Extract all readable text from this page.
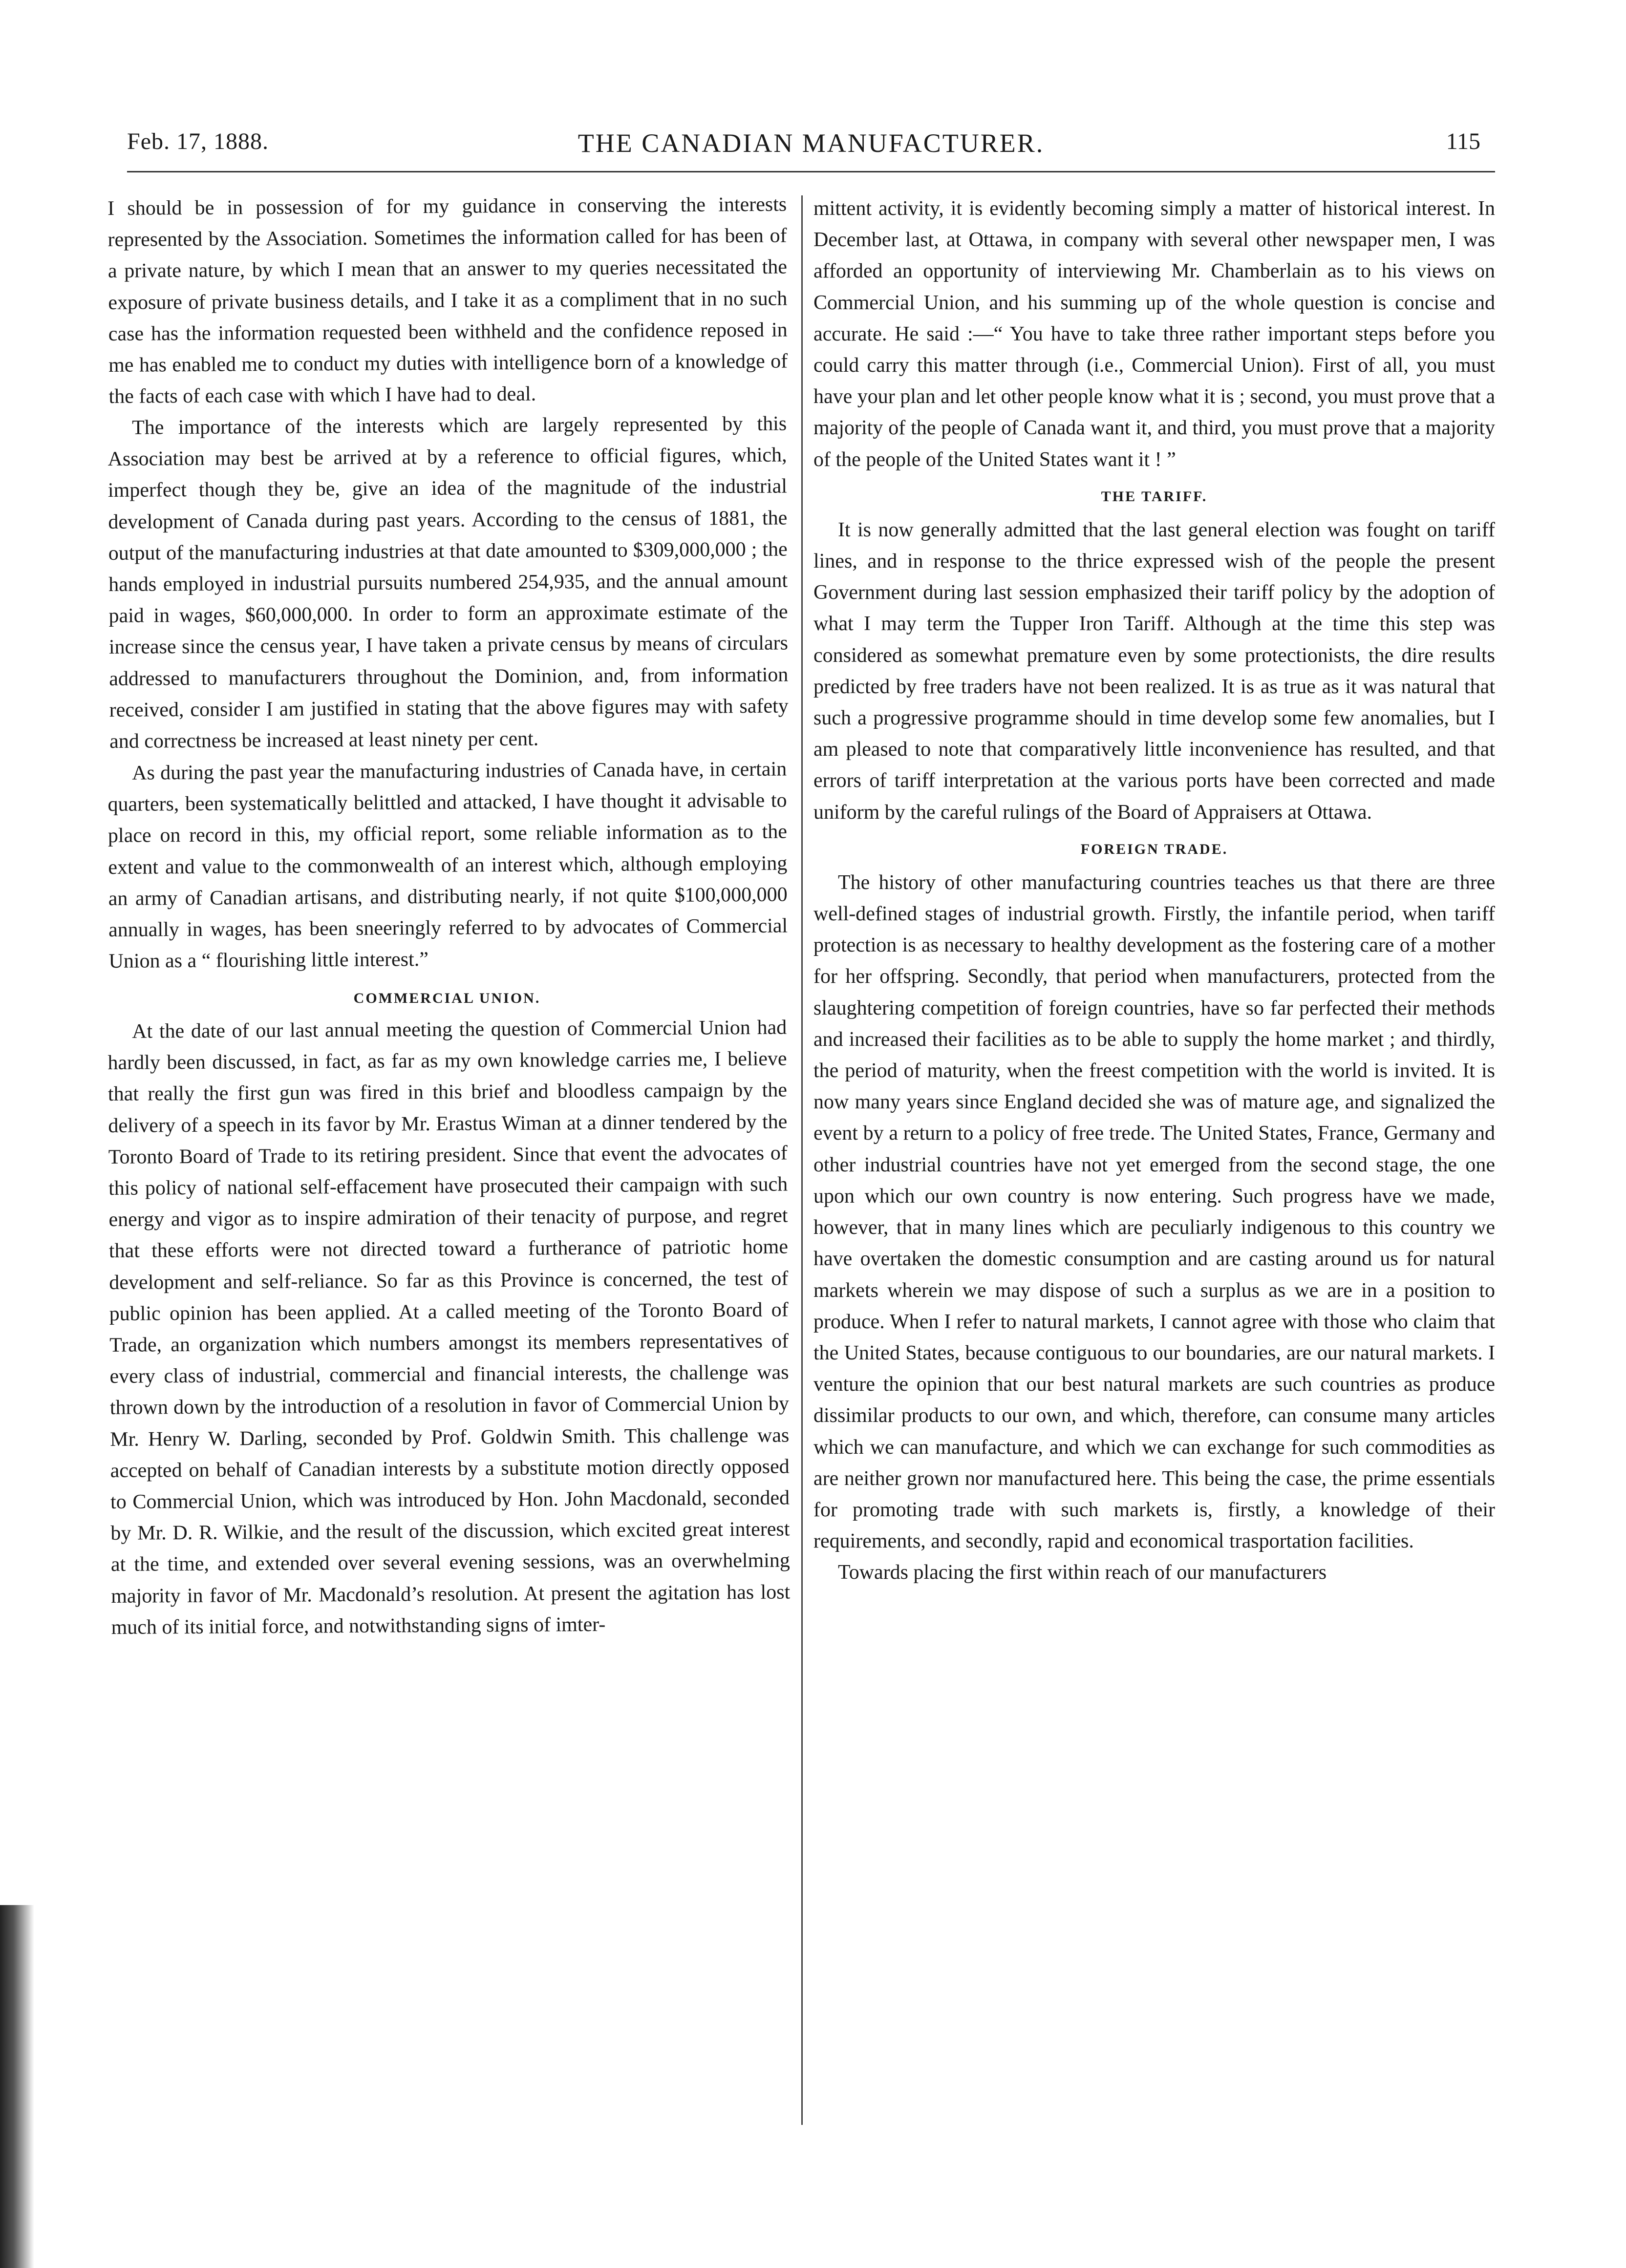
Feb. 17, 1888.	THE CANADIAN MANUFACTURER.	115

I should be in possession of for my guidance in conserving the interests represented by the Association. Sometimes the information called for has been of a private nature, by which I mean that an answer to my queries necessitated the exposure of private business details, and I take it as a compliment that in no such case has the information requested been withheld and the confidence reposed in me has enabled me to conduct my duties with intelligence born of a knowledge of the facts of each case with which I have had to deal.

The importance of the interests which are largely represented by this Association may best be arrived at by a reference to official figures, which, imperfect though they be, give an idea of the magnitude of the industrial development of Canada during past years. According to the census of 1881, the output of the manufacturing industries at that date amounted to $309,000,000 ; the hands employed in industrial pursuits numbered 254,935, and the annual amount paid in wages, $60,000,000. In order to form an approximate estimate of the increase since the census year, I have taken a private census by means of circulars addressed to manufacturers throughout the Dominion, and, from information received, consider I am justified in stating that the above figures may with safety and correctness be increased at least ninety per cent.

As during the past year the manufacturing industries of Canada have, in certain quarters, been systematically belittled and attacked, I have thought it advisable to place on record in this, my official report, some reliable information as to the extent and value to the commonwealth of an interest which, although employing an army of Canadian artisans, and distributing nearly, if not quite $100,000,000 annually in wages, has been sneeringly referred to by advocates of Commercial Union as a “ flourishing little interest.”

COMMERCIAL UNION.

At the date of our last annual meeting the question of Commercial Union had hardly been discussed, in fact, as far as my own knowledge carries me, I believe that really the first gun was fired in this brief and bloodless campaign by the delivery of a speech in its favor by Mr. Erastus Wiman at a dinner tendered by the Toronto Board of Trade to its retiring president. Since that event the advocates of this policy of national self-effacement have prosecuted their campaign with such energy and vigor as to inspire admiration of their tenacity of purpose, and regret that these efforts were not directed toward a furtherance of patriotic home development and self-reliance. So far as this Province is concerned, the test of public opinion has been applied. At a called meeting of the Toronto Board of Trade, an organization which numbers amongst its members representatives of every class of industrial, commercial and financial interests, the challenge was thrown down by the introduction of a resolution in favor of Commercial Union by Mr. Henry W. Darling, seconded by Prof. Goldwin Smith. This challenge was accepted on behalf of Canadian interests by a substitute motion directly opposed to Commercial Union, which was introduced by Hon. John Macdonald, seconded by Mr. D. R. Wilkie, and the result of the discussion, which excited great interest at the time, and extended over several evening sessions, was an overwhelming majority in favor of Mr. Macdonald’s resolution. At present the agitation has lost much of its initial force, and notwithstanding signs of imter-

mittent activity, it is evidently becoming simply a matter of historical interest. In December last, at Ottawa, in company with several other newspaper men, I was afforded an opportunity of interviewing Mr. Chamberlain as to his views on Commercial Union, and his summing up of the whole question is concise and accurate. He said :—“ You have to take three rather important steps before you could carry this matter through (i.e., Commercial Union). First of all, you must have your plan and let other people know what it is ; second, you must prove that a majority of the people of Canada want it, and third, you must prove that a majority of the people of the United States want it ! ”

THE TARIFF.

It is now generally admitted that the last general election was fought on tariff lines, and in response to the thrice expressed wish of the people the present Government during last session emphasized their tariff policy by the adoption of what I may term the Tupper Iron Tariff. Although at the time this step was considered as somewhat premature even by some protectionists, the dire results predicted by free traders have not been realized. It is as true as it was natural that such a progressive programme should in time develop some few anomalies, but I am pleased to note that comparatively little inconvenience has resulted, and that errors of tariff interpretation at the various ports have been corrected and made uniform by the careful rulings of the Board of Appraisers at Ottawa.

FOREIGN TRADE.

The history of other manufacturing countries teaches us that there are three well-defined stages of industrial growth. Firstly, the infantile period, when tariff protection is as necessary to healthy development as the fostering care of a mother for her offspring. Secondly, that period when manufacturers, protected from the slaughtering competition of foreign countries, have so far perfected their methods and increased their facilities as to be able to supply the home market ; and thirdly, the period of maturity, when the freest competition with the world is invited. It is now many years since England decided she was of mature age, and signalized the event by a return to a policy of free trede. The United States, France, Germany and other industrial countries have not yet emerged from the second stage, the one upon which our own country is now entering. Such progress have we made, however, that in many lines which are peculiarly indigenous to this country we have overtaken the domestic consumption and are casting around us for natural markets wherein we may dispose of such a surplus as we are in a position to produce. When I refer to natural markets, I cannot agree with those who claim that the United States, because contiguous to our boundaries, are our natural markets. I venture the opinion that our best natural markets are such countries as produce dissimilar products to our own, and which, therefore, can consume many articles which we can manufacture, and which we can exchange for such commodities as are neither grown nor manufactured here. This being the case, the prime essentials for promoting trade with such markets is, firstly, a knowledge of their requirements, and secondly, rapid and economical trasportation facilities.

Towards placing the first within reach of our manufacturers
